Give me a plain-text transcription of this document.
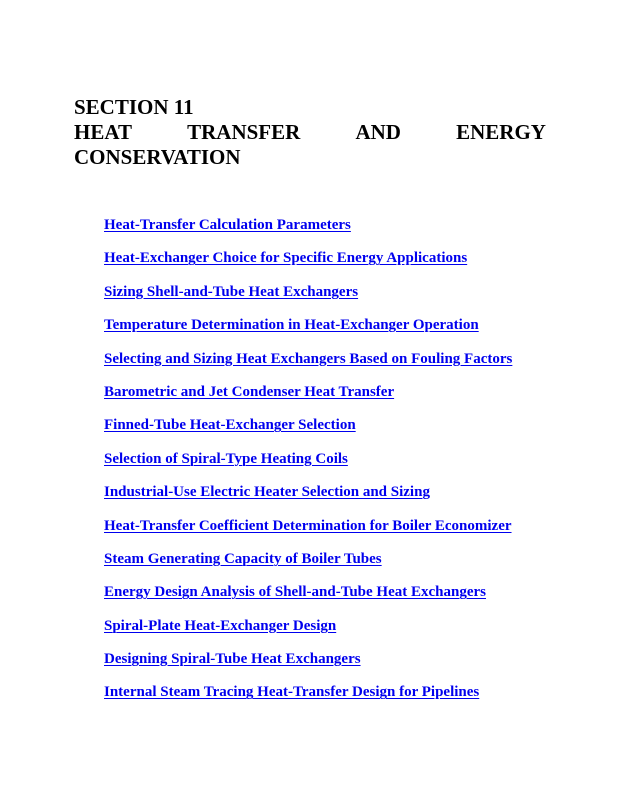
SECTION 11
HEAT	TRANSFER	AND	ENERGY
CONSERVATION
Heat-Transfer Calculation Parameters
Heat-Exchanger Choice for Specific Energy Applications
Sizing Shell-and-Tube Heat Exchangers
Temperature Determination in Heat-Exchanger Operation
Selecting and Sizing Heat Exchangers Based on Fouling Factors
Barometric and Jet Condenser Heat Transfer
Finned-Tube Heat-Exchanger Selection
Selection of Spiral-Type Heating Coils
Industrial-Use Electric Heater Selection and Sizing
Heat-Transfer Coefficient Determination for Boiler Economizer
Steam Generating Capacity of Boiler Tubes
Energy Design Analysis of Shell-and-Tube Heat Exchangers
Spiral-Plate Heat-Exchanger Design
Designing Spiral-Tube Heat Exchangers
Internal Steam Tracing Heat-Transfer Design for Pipelines
